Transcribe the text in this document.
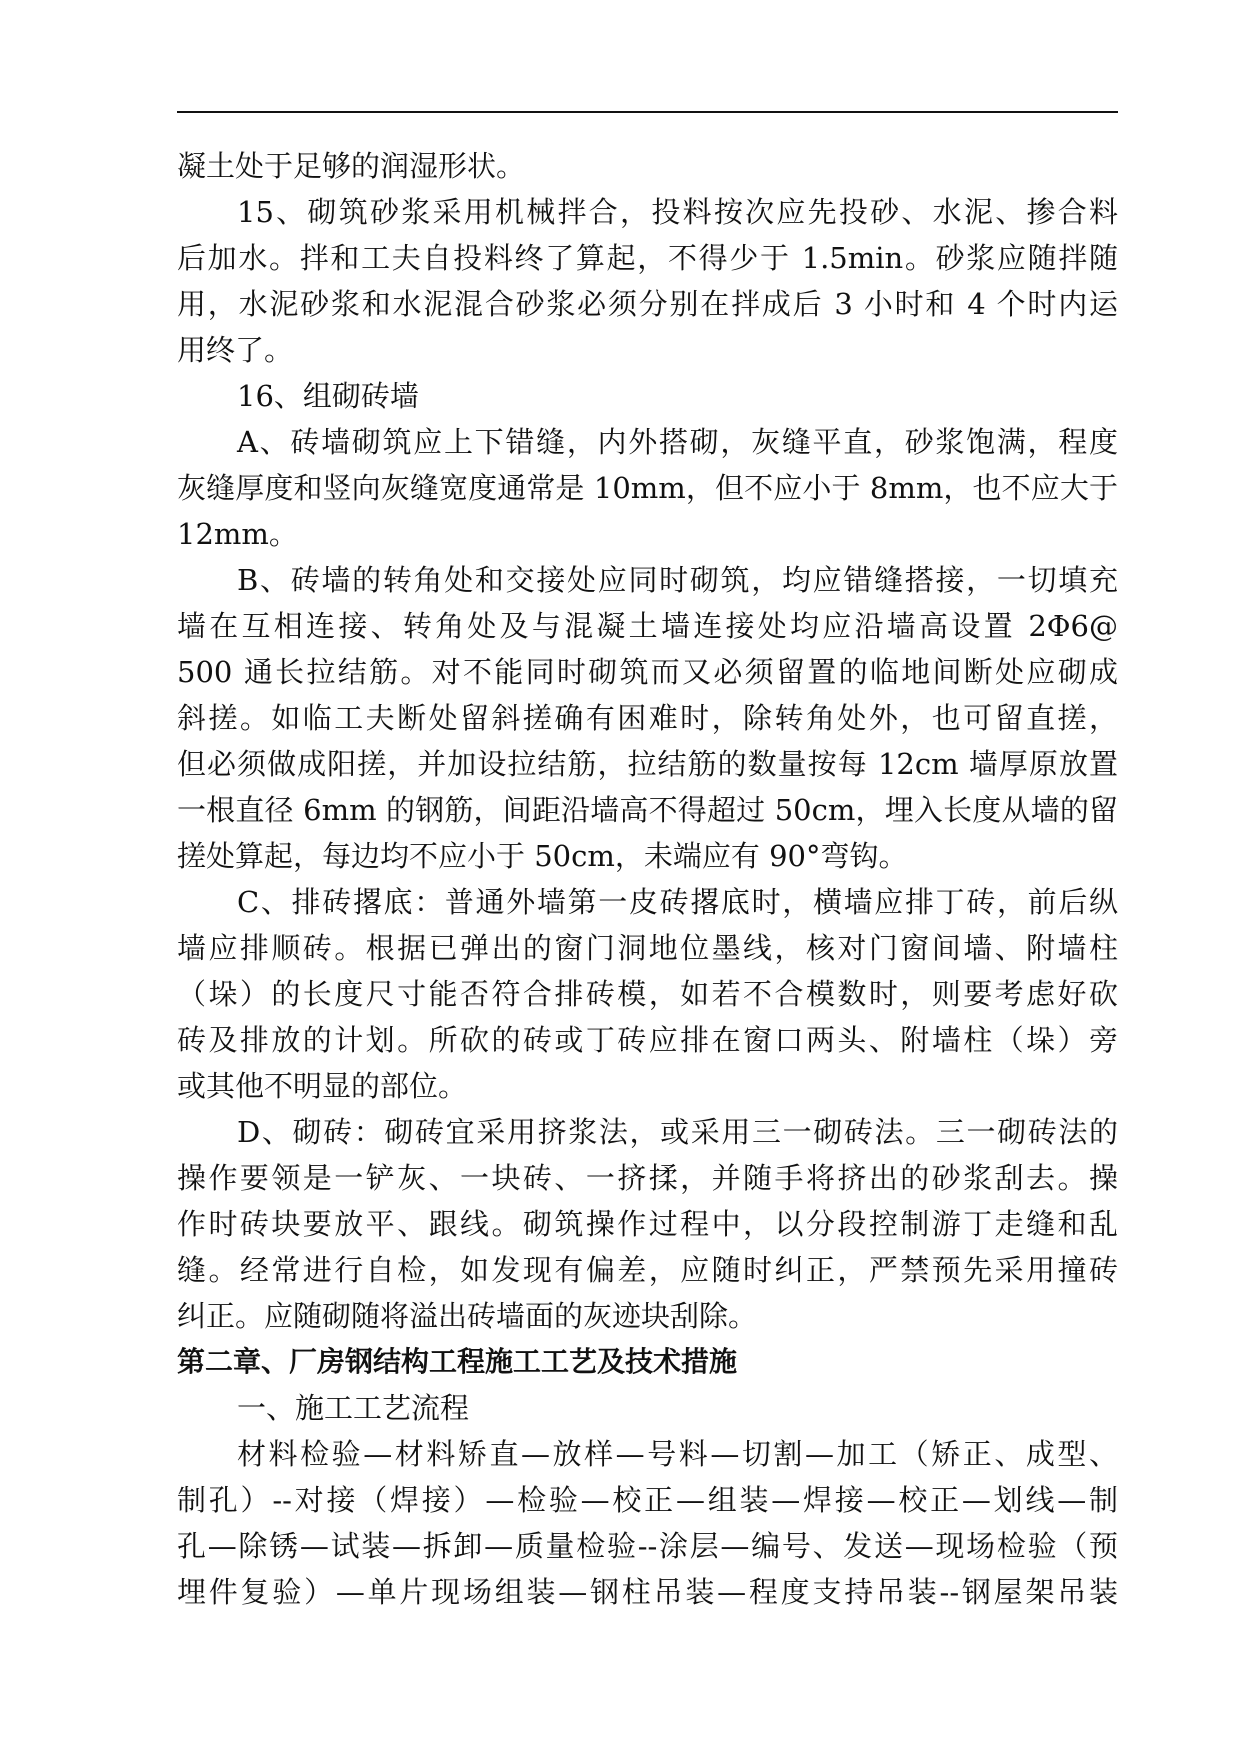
凝土处于足够的润湿形状。
15、砌筑砂浆采用机械拌合，投料按次应先投砂、水泥、掺合料
后加水。拌和工夫自投料终了算起，不得少于 1.5min。砂浆应随拌随
用，水泥砂浆和水泥混合砂浆必须分别在拌成后 3 小时和 4 个时内运
用终了。
16、组砌砖墙
A、砖墙砌筑应上下错缝，内外搭砌，灰缝平直，砂浆饱满，程度
灰缝厚度和竖向灰缝宽度通常是 10mm，但不应小于 8mm，也不应大于
12mm。
B、砖墙的转角处和交接处应同时砌筑，均应错缝搭接，一切填充
墙在互相连接、转角处及与混凝土墙连接处均应沿墙高设置 2Φ6@
500 通长拉结筋。对不能同时砌筑而又必须留置的临地间断处应砌成
斜搓。如临工夫断处留斜搓确有困难时，除转角处外，也可留直搓，
但必须做成阳搓，并加设拉结筋，拉结筋的数量按每 12cm 墙厚原放置
一根直径 6mm 的钢筋，间距沿墙高不得超过 50cm，埋入长度从墙的留
搓处算起，每边均不应小于 50cm，未端应有 90°弯钩。
C、排砖撂底：普通外墙第一皮砖撂底时，横墙应排丁砖，前后纵
墙应排顺砖。根据已弹出的窗门洞地位墨线，核对门窗间墙、附墙柱
（垛）的长度尺寸能否符合排砖模，如若不合模数时，则要考虑好砍
砖及排放的计划。所砍的砖或丁砖应排在窗口两头、附墙柱（垛）旁
或其他不明显的部位。
D、砌砖：砌砖宜采用挤浆法，或采用三一砌砖法。三一砌砖法的
操作要领是一铲灰、一块砖、一挤揉，并随手将挤出的砂浆刮去。操
作时砖块要放平、跟线。砌筑操作过程中，以分段控制游丁走缝和乱
缝。经常进行自检，如发现有偏差，应随时纠正，严禁预先采用撞砖
纠正。应随砌随将溢出砖墙面的灰迹块刮除。
第二章、厂房钢结构工程施工工艺及技术措施
一、施工工艺流程
材料检验—材料矫直—放样—号料—切割—加工（矫正、成型、
制孔）--对接（焊接）—检验—校正—组装—焊接—校正—划线—制
孔—除锈—试装—拆卸—质量检验--涂层—编号、发送—现场检验（预
埋件复验）—单片现场组装—钢柱吊装—程度支持吊装--钢屋架吊装
